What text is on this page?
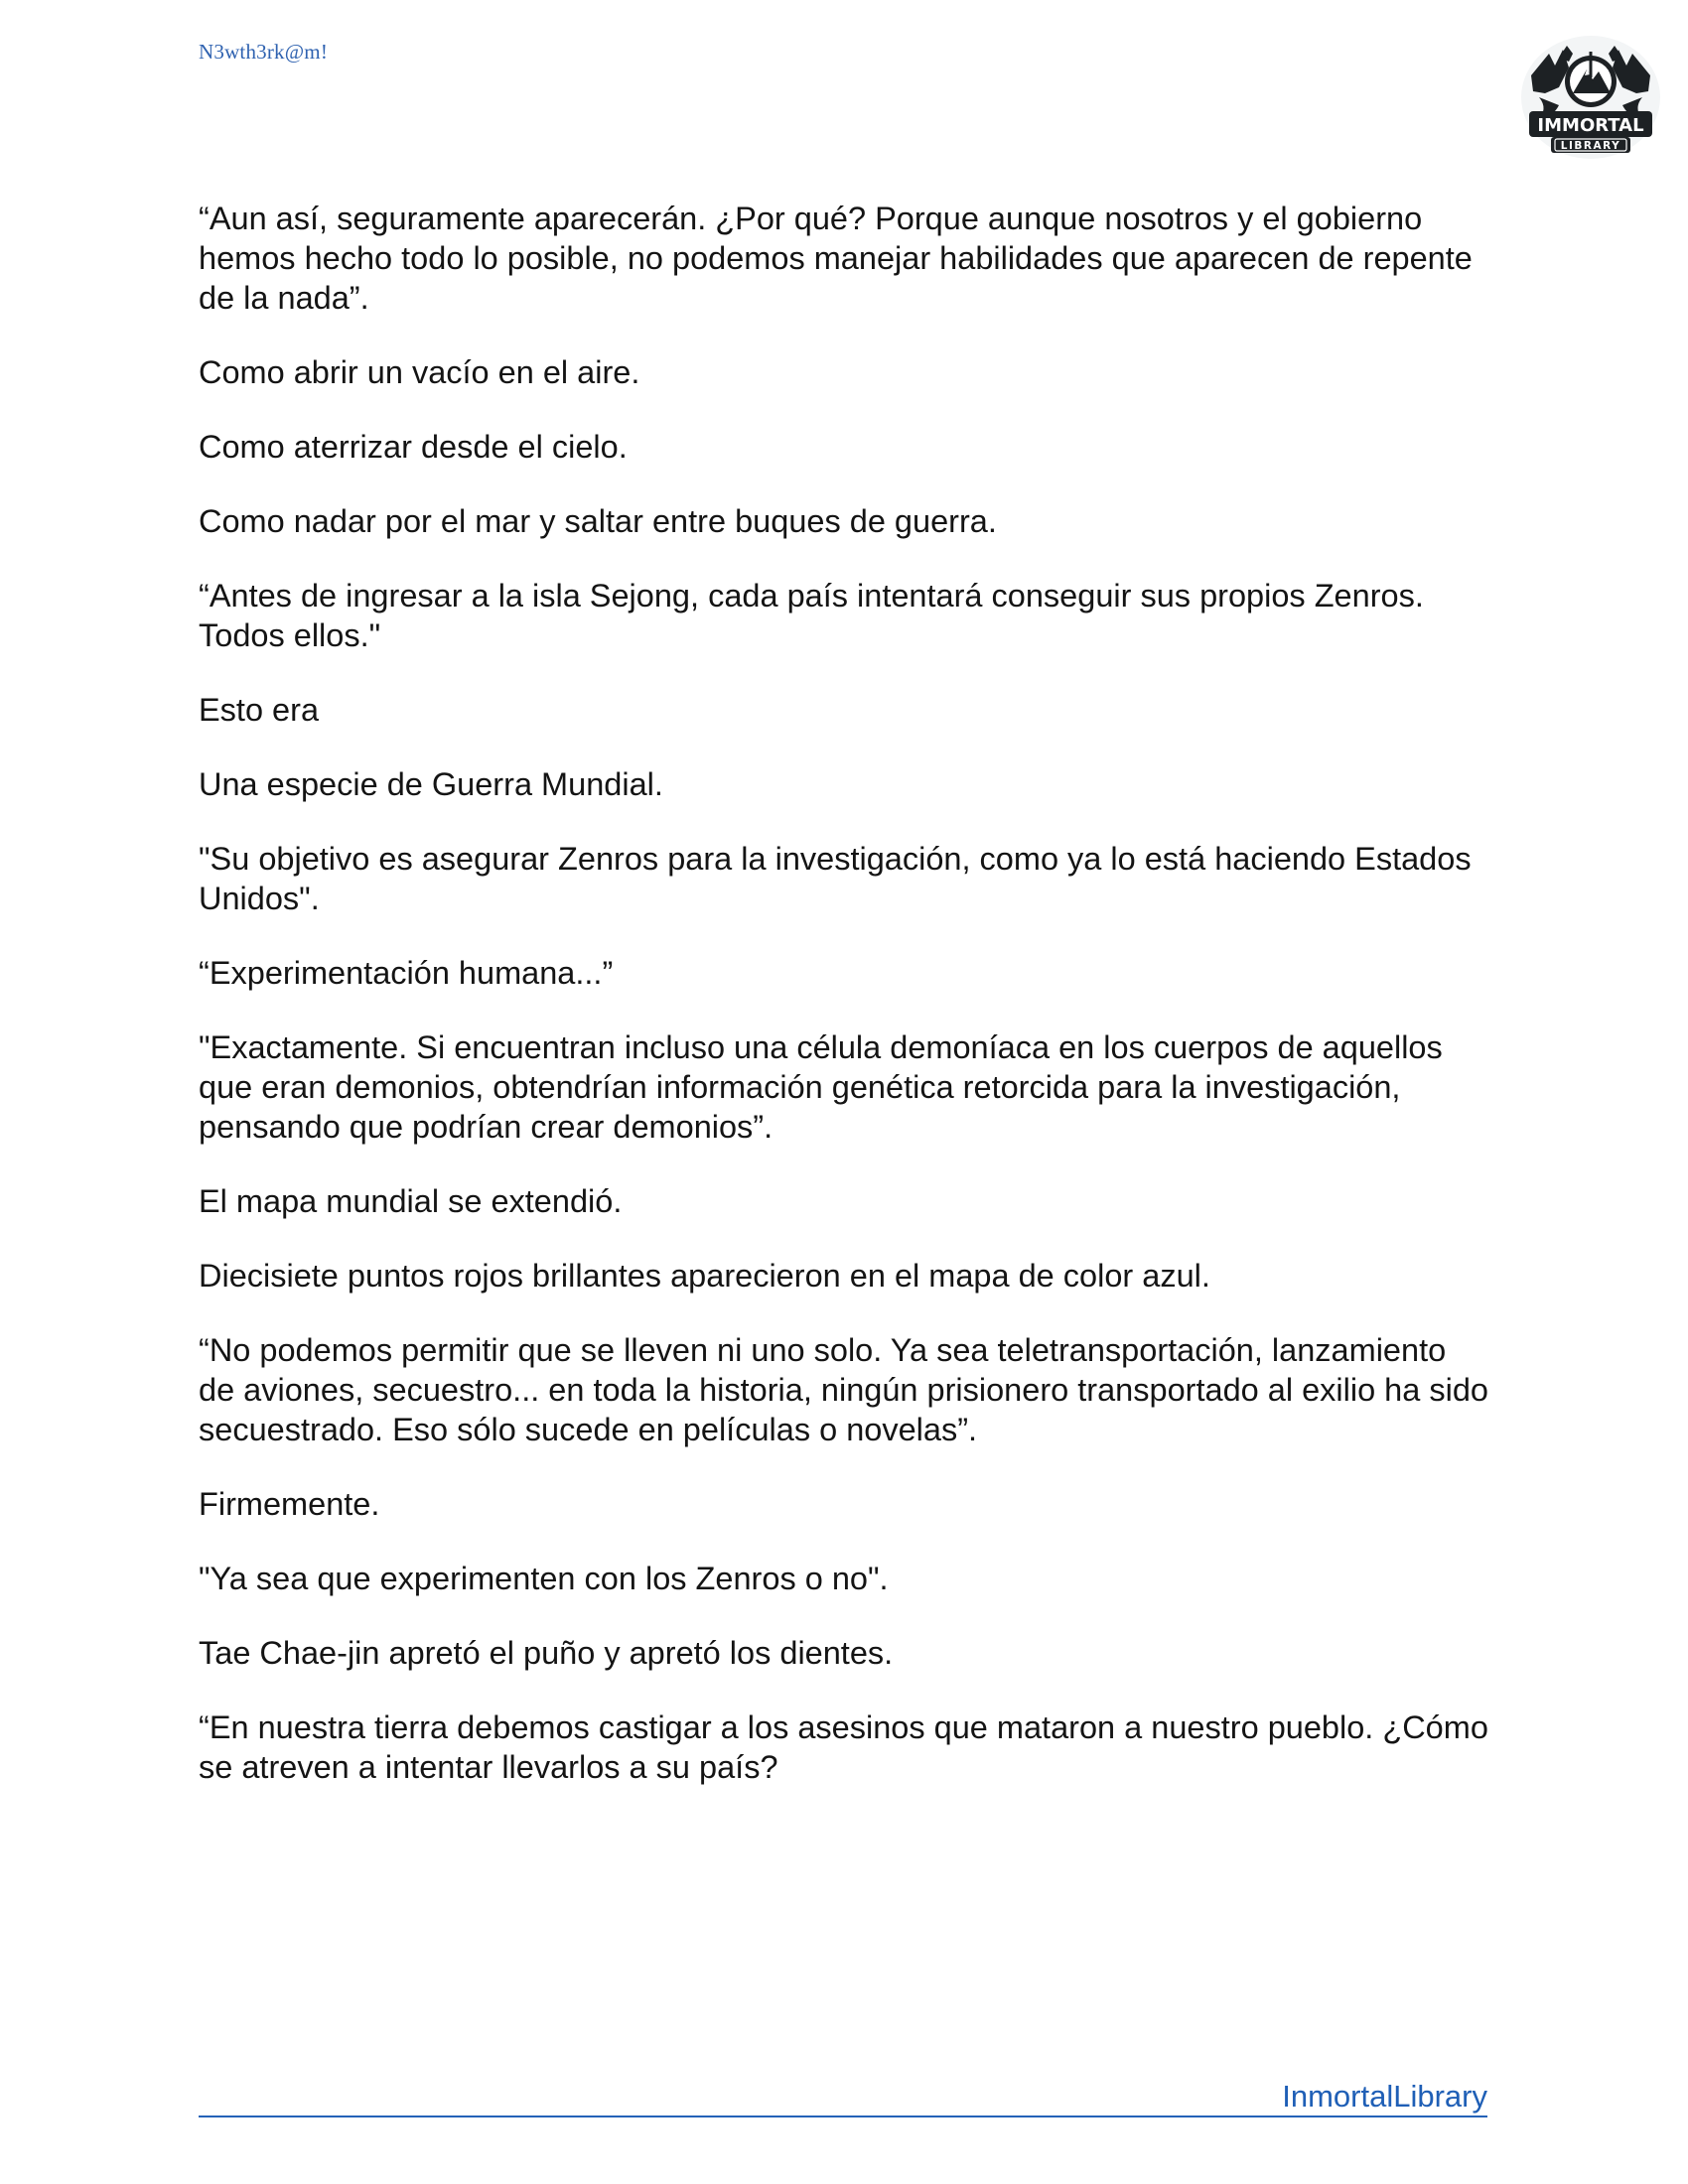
N3wth3rk@m!
IMMORTAL
LIBRARY

“Aun así, seguramente aparecerán. ¿Por qué? Porque aunque nosotros y el gobierno hemos hecho todo lo posible, no podemos manejar habilidades que aparecen de repente de la nada”.

Como abrir un vacío en el aire.

Como aterrizar desde el cielo.

Como nadar por el mar y saltar entre buques de guerra.

“Antes de ingresar a la isla Sejong, cada país intentará conseguir sus propios Zenros. Todos ellos."

Esto era

Una especie de Guerra Mundial.

"Su objetivo es asegurar Zenros para la investigación, como ya lo está haciendo Estados Unidos".

“Experimentación humana...”

"Exactamente. Si encuentran incluso una célula demoníaca en los cuerpos de aquellos que eran demonios, obtendrían información genética retorcida para la investigación, pensando que podrían crear demonios”.

El mapa mundial se extendió.

Diecisiete puntos rojos brillantes aparecieron en el mapa de color azul.

“No podemos permitir que se lleven ni uno solo. Ya sea teletransportación, lanzamiento de aviones, secuestro... en toda la historia, ningún prisionero transportado al exilio ha sido secuestrado. Eso sólo sucede en películas o novelas”.

Firmemente.

"Ya sea que experimenten con los Zenros o no".

Tae Chae-jin apretó el puño y apretó los dientes.

“En nuestra tierra debemos castigar a los asesinos que mataron a nuestro pueblo. ¿Cómo se atreven a intentar llevarlos a su país?

InmortalLibrary
